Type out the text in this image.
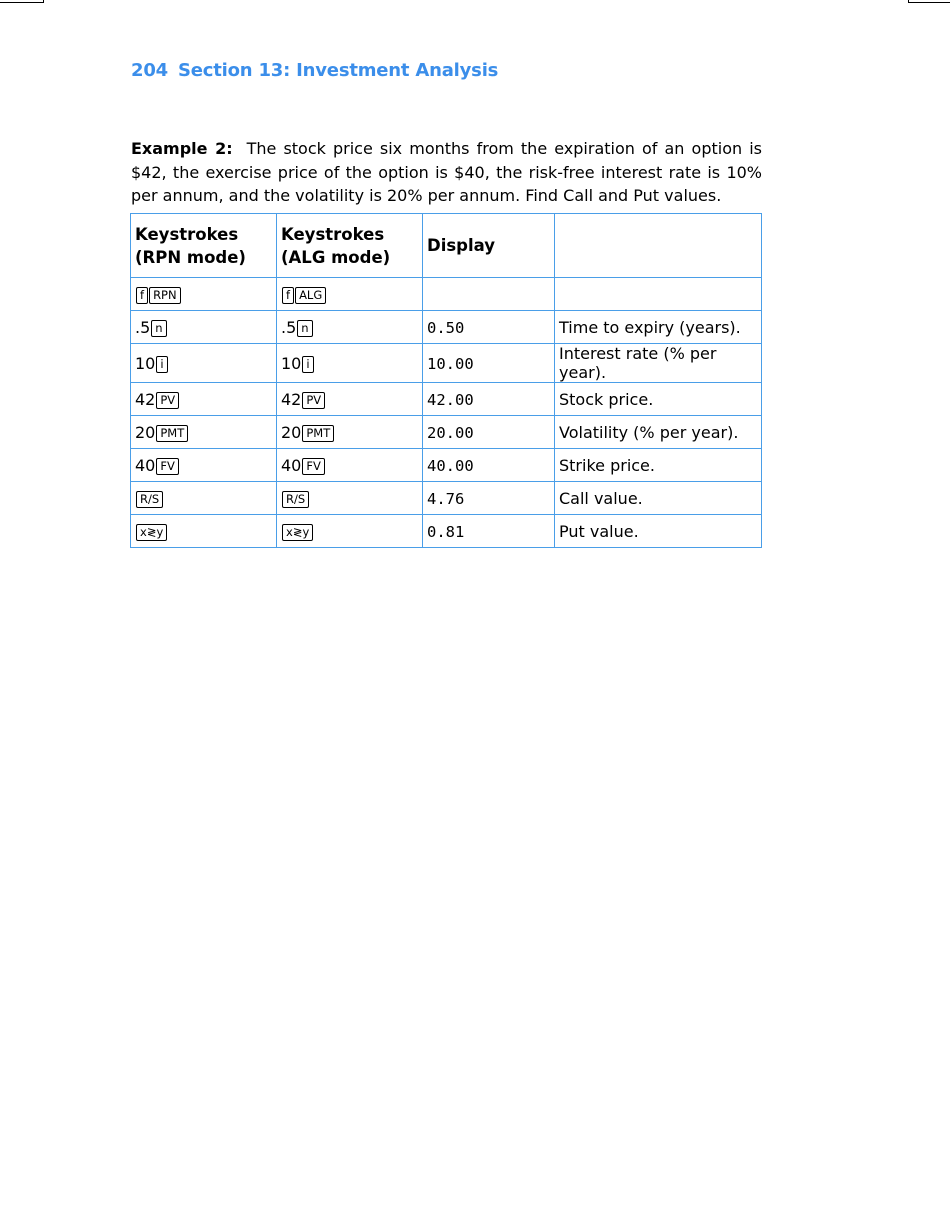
204 Section 13: Investment Analysis
Example 2: The stock price six months from the expiration of an option is $42, the exercise price of the option is $40, the risk-free interest rate is 10% per annum, and the volatility is 20% per annum. Find Call and Put values.
Keystrokes (RPN mode)	Keystrokes (ALG mode)	Display	
f RPN	f ALG		
.5 n	.5 n	0.50	Time to expiry (years).
10 i	10 i	10.00	Interest rate (% per year).
42 PV	42 PV	42.00	Stock price.
20 PMT	20 PMT	20.00	Volatility (% per year).
40 FV	40 FV	40.00	Strike price.
R/S	R/S	4.76	Call value.
x≷y	x≷y	0.81	Put value.
